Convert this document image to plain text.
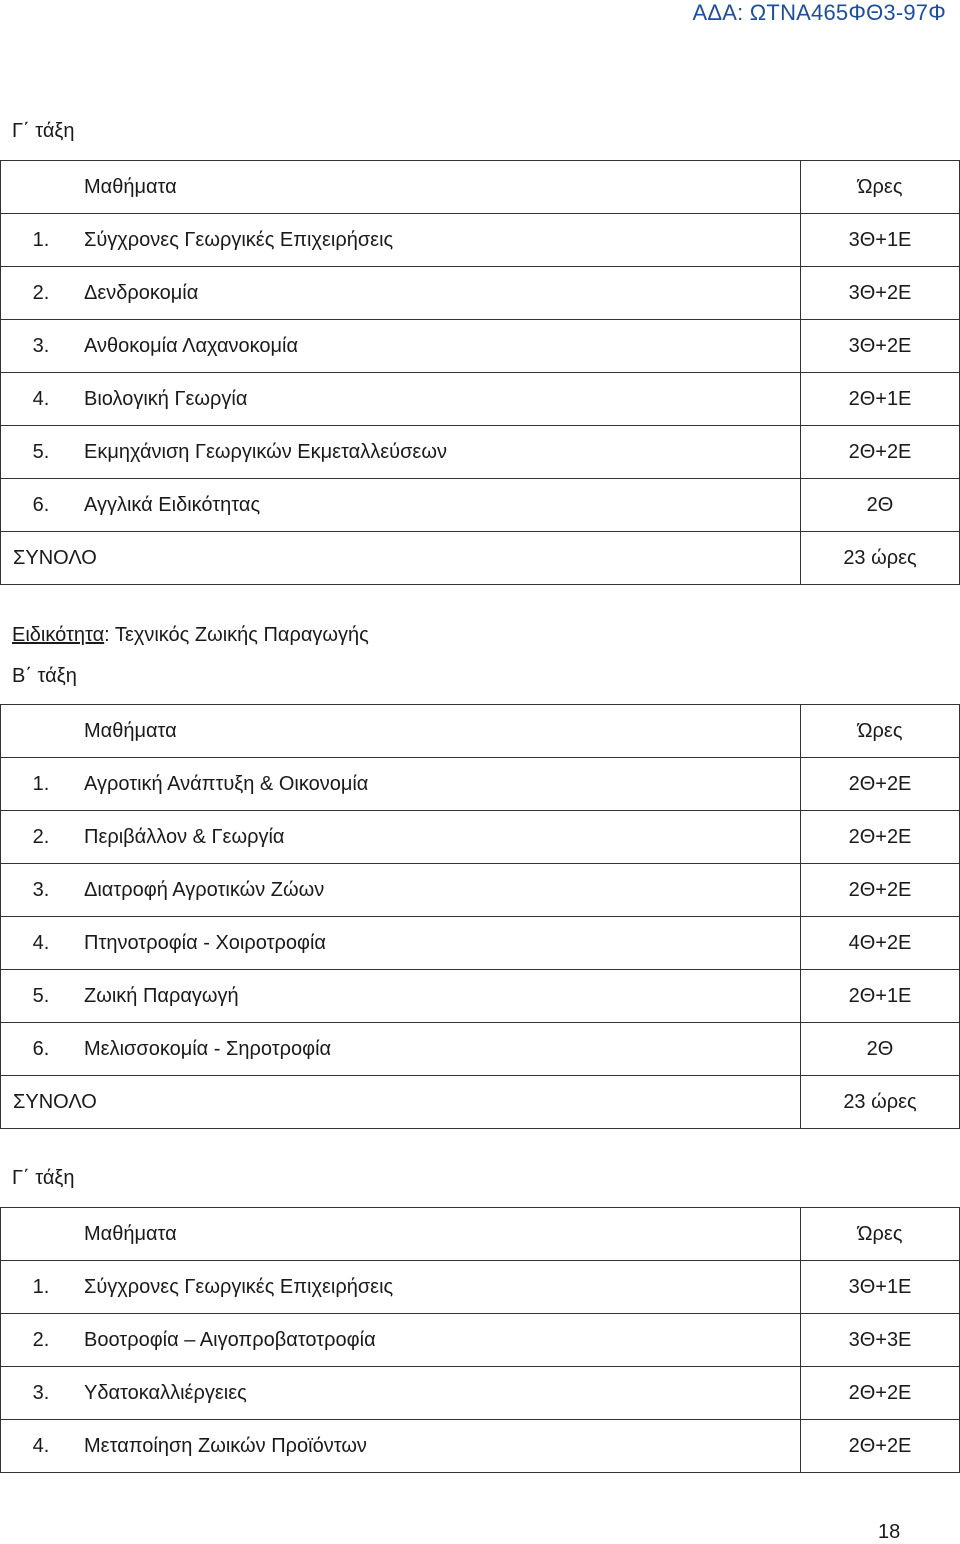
ΑΔΑ: ΩΤΝΑ465ΦΘ3-97Φ
Γ΄ τάξη
	Μαθήματα	Ώρες
1.	Σύγχρονες Γεωργικές Επιχειρήσεις	3Θ+1Ε
2.	Δενδροκομία	3Θ+2Ε
3.	Ανθοκομία Λαχανοκομία	3Θ+2Ε
4.	Βιολογική Γεωργία	2Θ+1Ε
5.	Εκμηχάνιση Γεωργικών Εκμεταλλεύσεων	2Θ+2Ε
6.	Αγγλικά Ειδικότητας	2Θ
ΣΥΝΟΛΟ		23 ώρες
Ειδικότητα: Τεχνικός Ζωικής Παραγωγής
Β΄ τάξη
	Μαθήματα	Ώρες
1.	Αγροτική Ανάπτυξη & Οικονομία	2Θ+2Ε
2.	Περιβάλλον & Γεωργία	2Θ+2Ε
3.	Διατροφή Αγροτικών Ζώων	2Θ+2Ε
4.	Πτηνοτροφία - Χοιροτροφία	4Θ+2Ε
5.	Ζωική Παραγωγή	2Θ+1Ε
6.	Μελισσοκομία - Σηροτροφία	2Θ
ΣΥΝΟΛΟ		23 ώρες
Γ΄ τάξη
	Μαθήματα	Ώρες
1.	Σύγχρονες Γεωργικές Επιχειρήσεις	3Θ+1Ε
2.	Βοοτροφία – Αιγοπροβατοτροφία	3Θ+3Ε
3.	Υδατοκαλλιέργειες	2Θ+2Ε
4.	Μεταποίηση Ζωικών Προϊόντων	2Θ+2Ε
18
